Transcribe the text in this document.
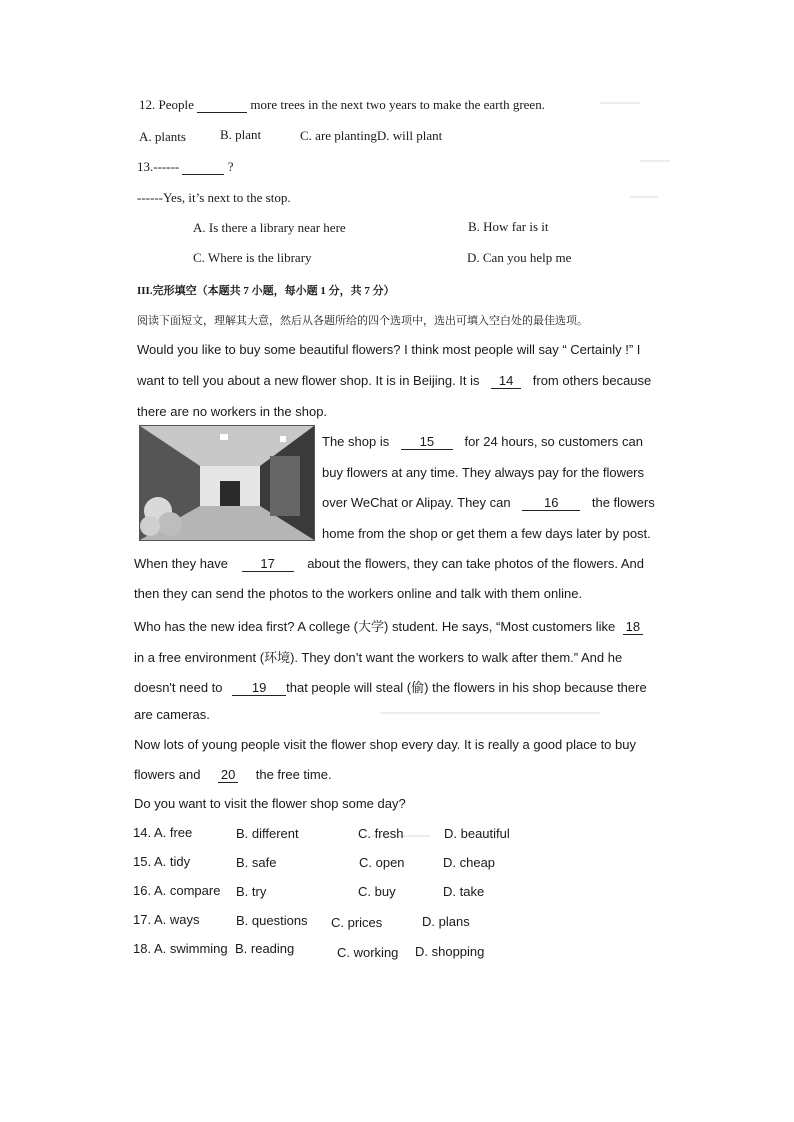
12. People	more trees in the next two years to make the earth green.
A. plants	B. plant	C. are plantingD. will plant
13.------	?
------Yes, it’s next to the stop.
A. Is there a library near here	B. How far is it
C. Where is the library	D. Can you help me
III.完形填空（本题共 7 小题，每小题 1 分，共 7 分）
阅读下面短文，理解其大意，然后从各题所给的四个选项中，选出可填入空白处的最佳选项。
Would you like to buy some beautiful flowers? I think most people will say “ Certainly !” I
want to tell you about a new flower shop. It is in Beijing. It is 14 from others because
there are no workers in the shop.
The shop is 15 for 24 hours, so customers can
buy flowers at any time. They always pay for the flowers
over WeChat or Alipay. They can	16	the flowers
home from the shop or get them a few days later by post.
When they have 17 about the flowers, they can take photos of the flowers. And
then they can send the photos to the workers online and talk with them online.
Who has the new idea first? A college (大学) student. He says, “Most customers like 18
in a free environment (环境). They don’t want the workers to walk after them.” And he
doesn't need to 19 that people will steal (偷) the flowers in his shop because there
are cameras.
Now lots of young people visit the flower shop every day. It is really a good place to buy
flowers and 20 the free time.
Do you want to visit the flower shop some day?
14. A. free	B. different	C. fresh	D. beautiful
15. A. tidy	B. safe	C. open	D. cheap
16. A. compare B. try	C. buy	D. take
17. A. ways	B. questions C. prices	D. plans
18. A. swimming B. reading	C. working D. shopping
